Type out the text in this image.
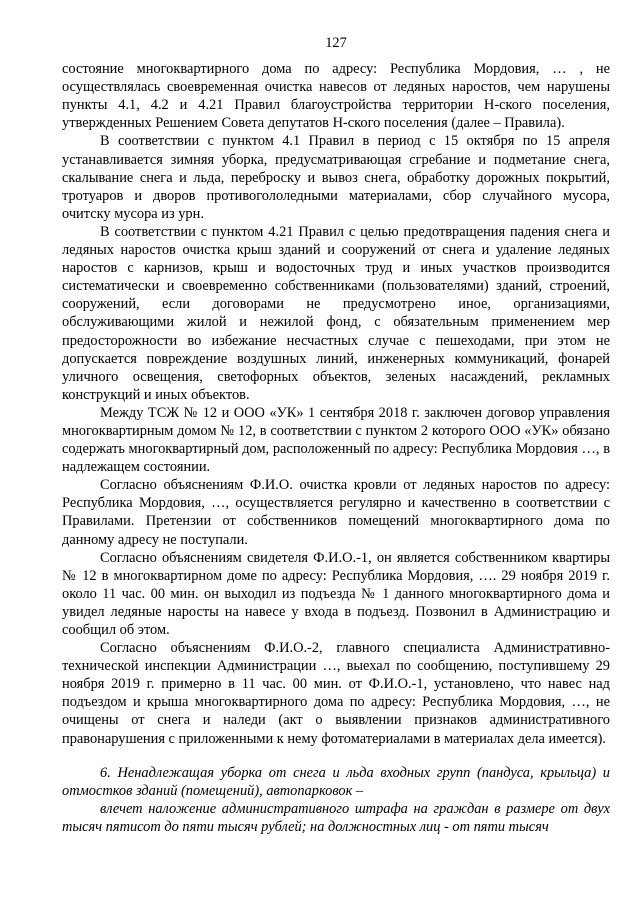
127

состояние многоквартирного дома по адресу: Республика Мордовия, … , не осуществлялась своевременная очистка навесов от ледяных наростов, чем нарушены пункты 4.1, 4.2 и 4.21 Правил благоустройства территории Н-ского поселения, утвержденных Решением Совета депутатов Н-ского поселения (далее – Правила).

В соответствии с пунктом 4.1 Правил в период с 15 октября по 15 апреля устанавливается зимняя уборка, предусматривающая сгребание и подметание снега, скалывание снега и льда, переброску и вывоз снега, обработку дорожных покрытий, тротуаров и дворов противогололедными материалами, сбор случайного мусора, очитску мусора из урн.

В соответствии с пунктом 4.21 Правил с целью предотвращения падения снега и ледяных наростов очистка крыш зданий и сооружений от снега и удаление ледяных наростов с карнизов, крыш и водосточных труд и иных участков производится систематически и своевременно собственниками (пользователями) зданий, строений, сооружений, если договорами не предусмотрено иное, организациями, обслуживающими жилой и нежилой фонд, с обязательным применением мер предосторожности во избежание несчастных случае с пешеходами, при этом не допускается повреждение воздушных линий, инженерных коммуникаций, фонарей уличного освещения, светофорных объектов, зеленых насаждений, рекламных конструкций и иных объектов.

Между ТСЖ № 12 и ООО «УК» 1 сентября 2018 г. заключен договор управления многоквартирным домом № 12, в соответствии с пунктом 2 которого ООО «УК» обязано содержать многоквартирный дом, расположенный по адресу: Республика Мордовия …, в надлежащем состоянии.

Согласно объяснениям Ф.И.О. очистка кровли от ледяных наростов по адресу: Республика Мордовия, …, осуществляется регулярно и качественно в соответствии с Правилами. Претензии от собственников помещений многоквартирного дома по данному адресу не поступали.

Согласно объяснениям свидетеля Ф.И.О.-1, он является собственником квартиры № 12 в многоквартирном доме по адресу: Республика Мордовия, …. 29 ноября 2019 г. около 11 час. 00 мин. он выходил из подъезда № 1 данного многоквартирного дома и увидел ледяные наросты на навесе у входа в подъезд. Позвонил в Администрацию и сообщил об этом.

Согласно объяснениям Ф.И.О.-2, главного специалиста Административно-технической инспекции Администрации …, выехал по сообщению, поступившему 29 ноября 2019 г. примерно в 11 час. 00 мин. от Ф.И.О.-1, установлено, что навес над подъездом и крыша многоквартирного дома по адресу: Республика Мордовия, …, не очищены от снега и наледи (акт о выявлении признаков административного правонарушения с приложенными к нему фотоматериалами в материалах дела имеется).

6. Ненадлежащая уборка от снега и льда входных групп (пандуса, крыльца) и отмостков зданий (помещений), автопарковок –

влечет наложение административного штрафа на граждан в размере от двух тысяч пятисот до пяти тысяч рублей; на должностных лиц - от пяти тысяч
